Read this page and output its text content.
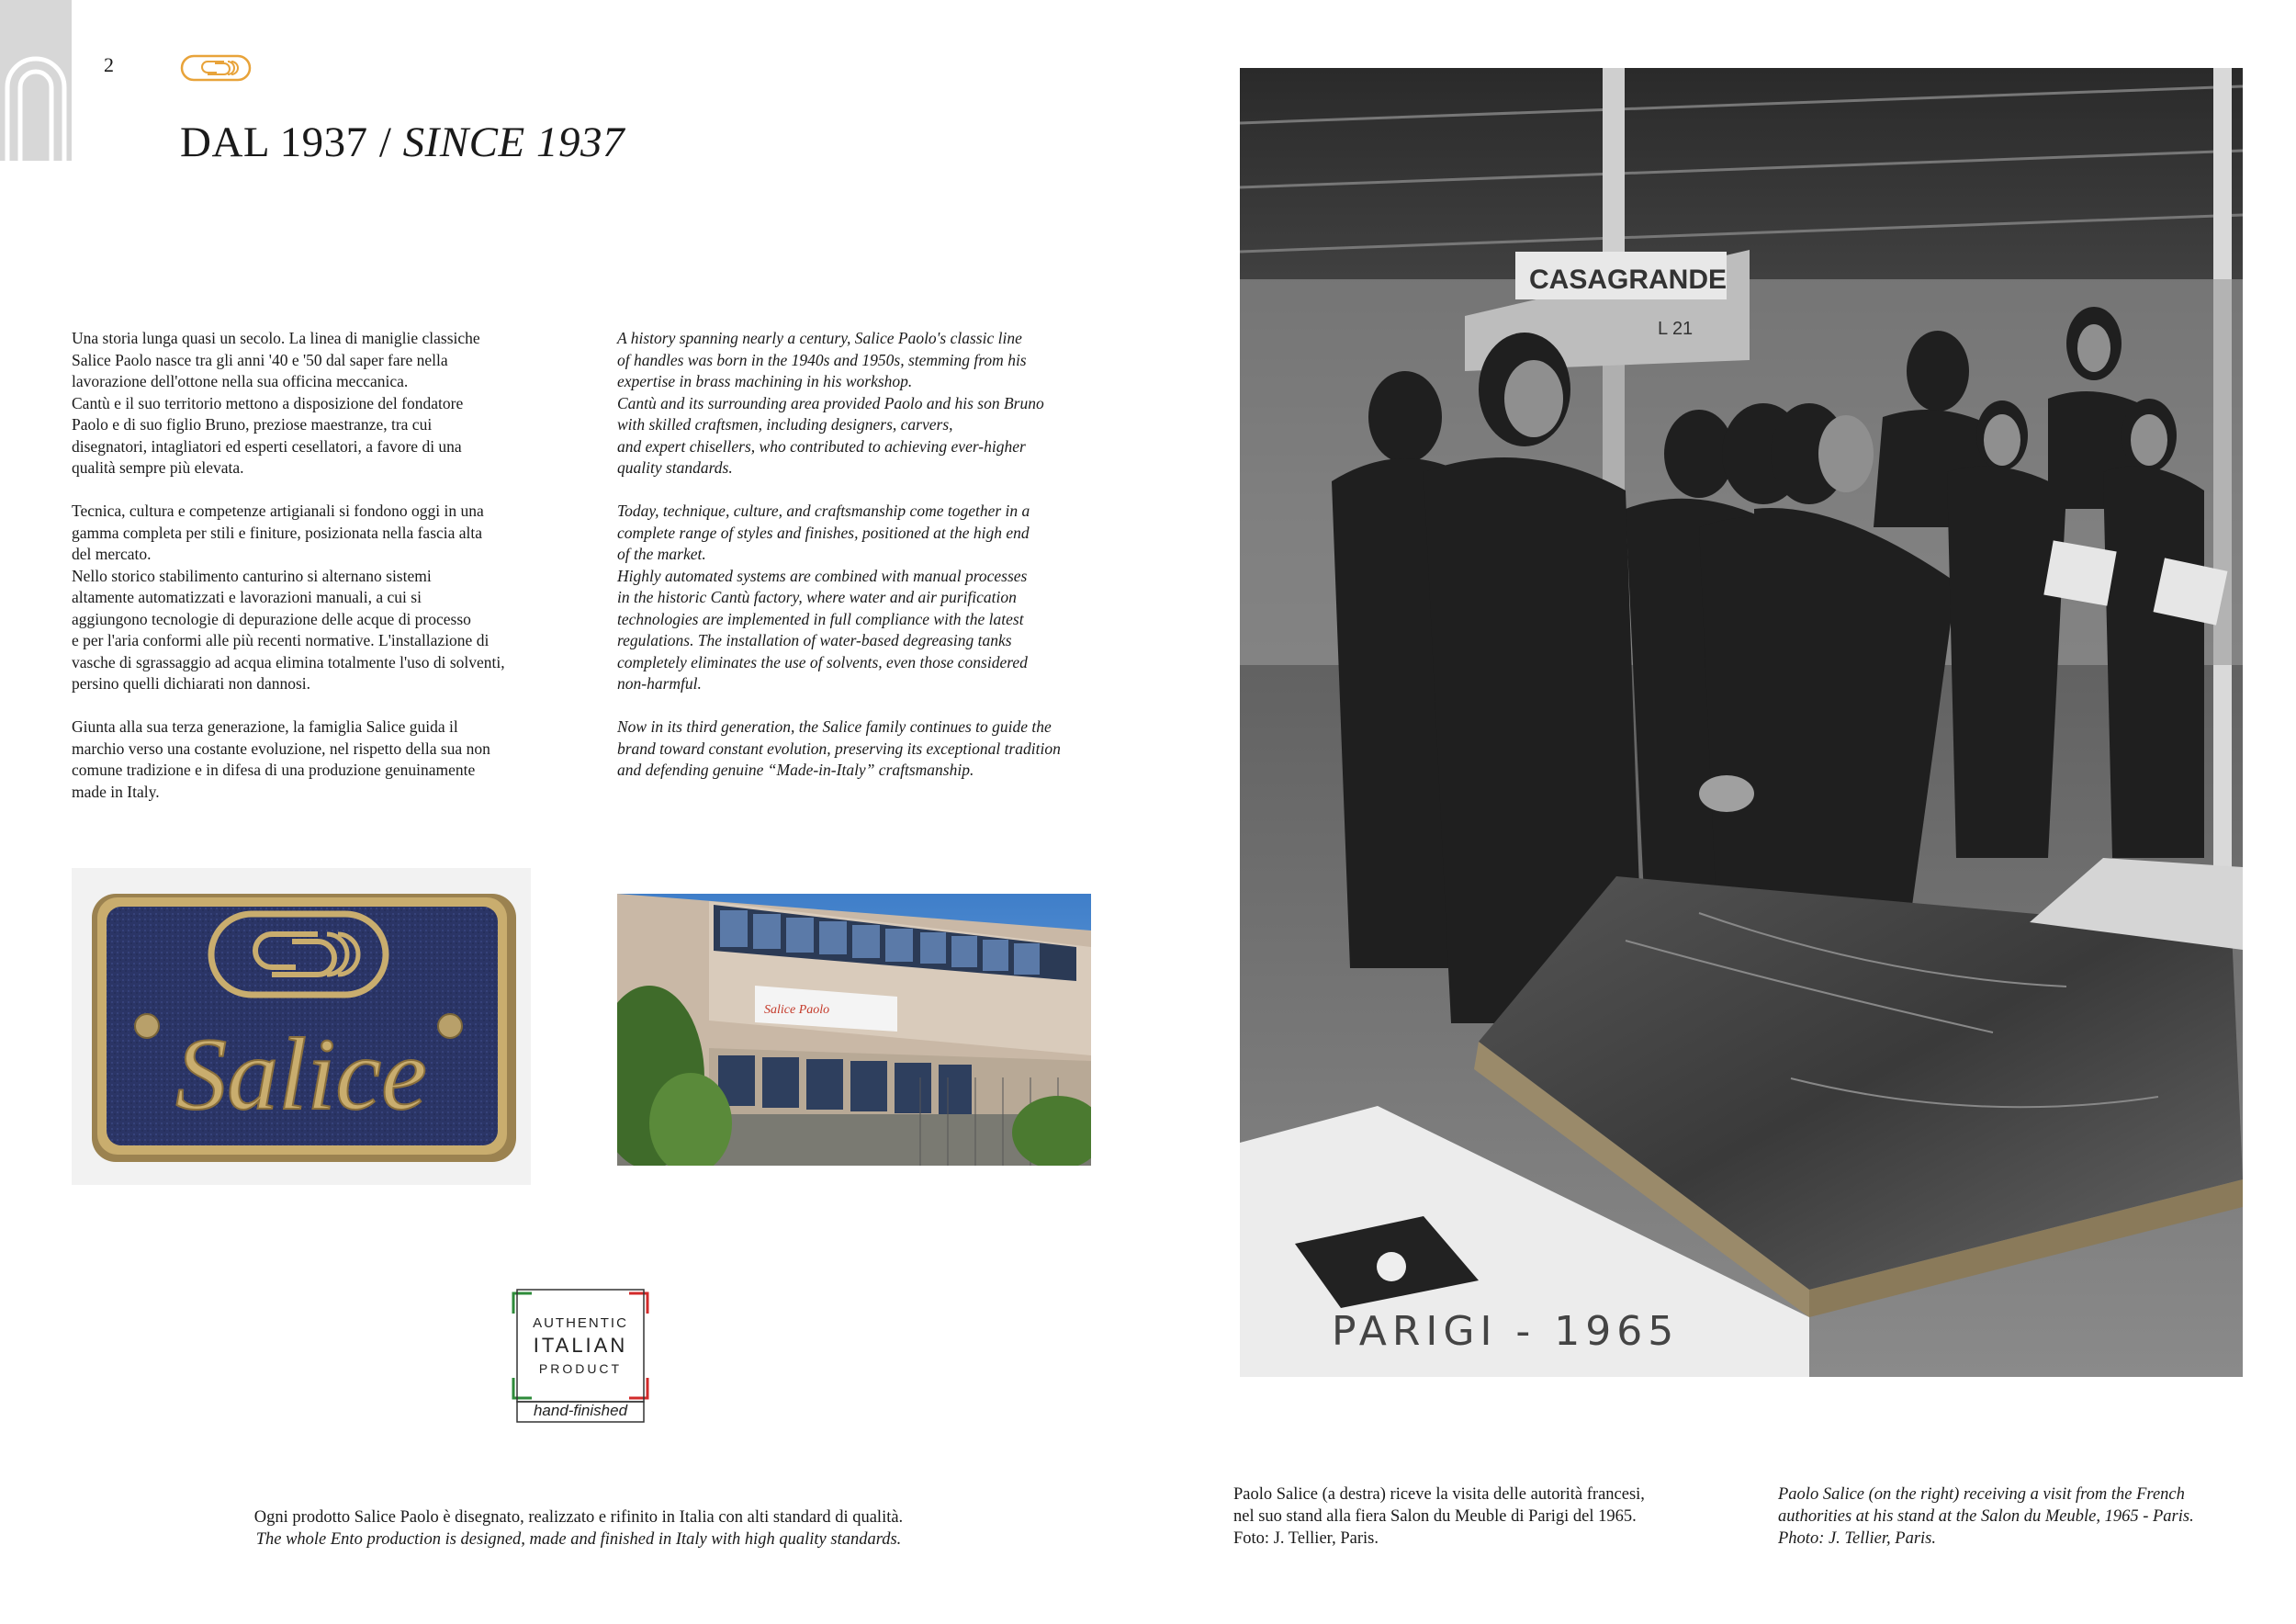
2
DAL 1937 / SINCE 1937

Una storia lunga quasi un secolo. La linea di maniglie classiche
Salice Paolo nasce tra gli anni '40 e '50 dal saper fare nella
lavorazione dell'ottone nella sua officina meccanica.
Cantù e il suo territorio mettono a disposizione del fondatore
Paolo e di suo figlio Bruno, preziose maestranze, tra cui
disegnatori, intagliatori ed esperti cesellatori, a favore di una
qualità sempre più elevata.

Tecnica, cultura e competenze artigianali si fondono oggi in una
gamma completa per stili e finiture, posizionata nella fascia alta
del mercato.
Nello storico stabilimento canturino si alternano sistemi
altamente automatizzati e lavorazioni manuali, a cui si
aggiungono tecnologie di depurazione delle acque di processo
e per l'aria conformi alle più recenti normative. L'installazione di
vasche di sgrassaggio ad acqua elimina totalmente l'uso di solventi,
persino quelli dichiarati non dannosi.

Giunta alla sua terza generazione, la famiglia Salice guida il
marchio verso una costante evoluzione, nel rispetto della sua non
comune tradizione e in difesa di una produzione genuinamente
made in Italy.

A history spanning nearly a century, Salice Paolo's classic line
of handles was born in the 1940s and 1950s, stemming from his
expertise in brass machining in his workshop.
Cantù and its surrounding area provided Paolo and his son Bruno
with skilled craftsmen, including designers, carvers,
and expert chisellers, who contributed to achieving ever-higher
quality standards.

Today, technique, culture, and craftsmanship come together in a
complete range of styles and finishes, positioned at the high end
of the market.
Highly automated systems are combined with manual processes
in the historic Cantù factory, where water and air purification
technologies are implemented in full compliance with the latest
regulations. The installation of water-based degreasing tanks
completely eliminates the use of solvents, even those considered
non-harmful.

Now in its third generation, the Salice family continues to guide the
brand toward constant evolution, preserving its exceptional tradition
and defending genuine “Made-in-Italy” craftsmanship.

Salice
Salice Paolo
AUTHENTIC
ITALIAN
PRODUCT
hand-finished
Ogni prodotto Salice Paolo è disegnato, realizzato e rifinito in Italia con alti standard di qualità.
The whole Ento production is designed, made and finished in Italy with high quality standards.
CASAGRANDE
L 21
PARIGI - 1965
Paolo Salice (a destra) riceve la visita delle autorità francesi,
nel suo stand alla fiera Salon du Meuble di Parigi del 1965.
Foto: J. Tellier, Paris.
Paolo Salice (on the right) receiving a visit from the French
authorities at his stand at the Salon du Meuble, 1965 - Paris.
Photo: J. Tellier, Paris.
